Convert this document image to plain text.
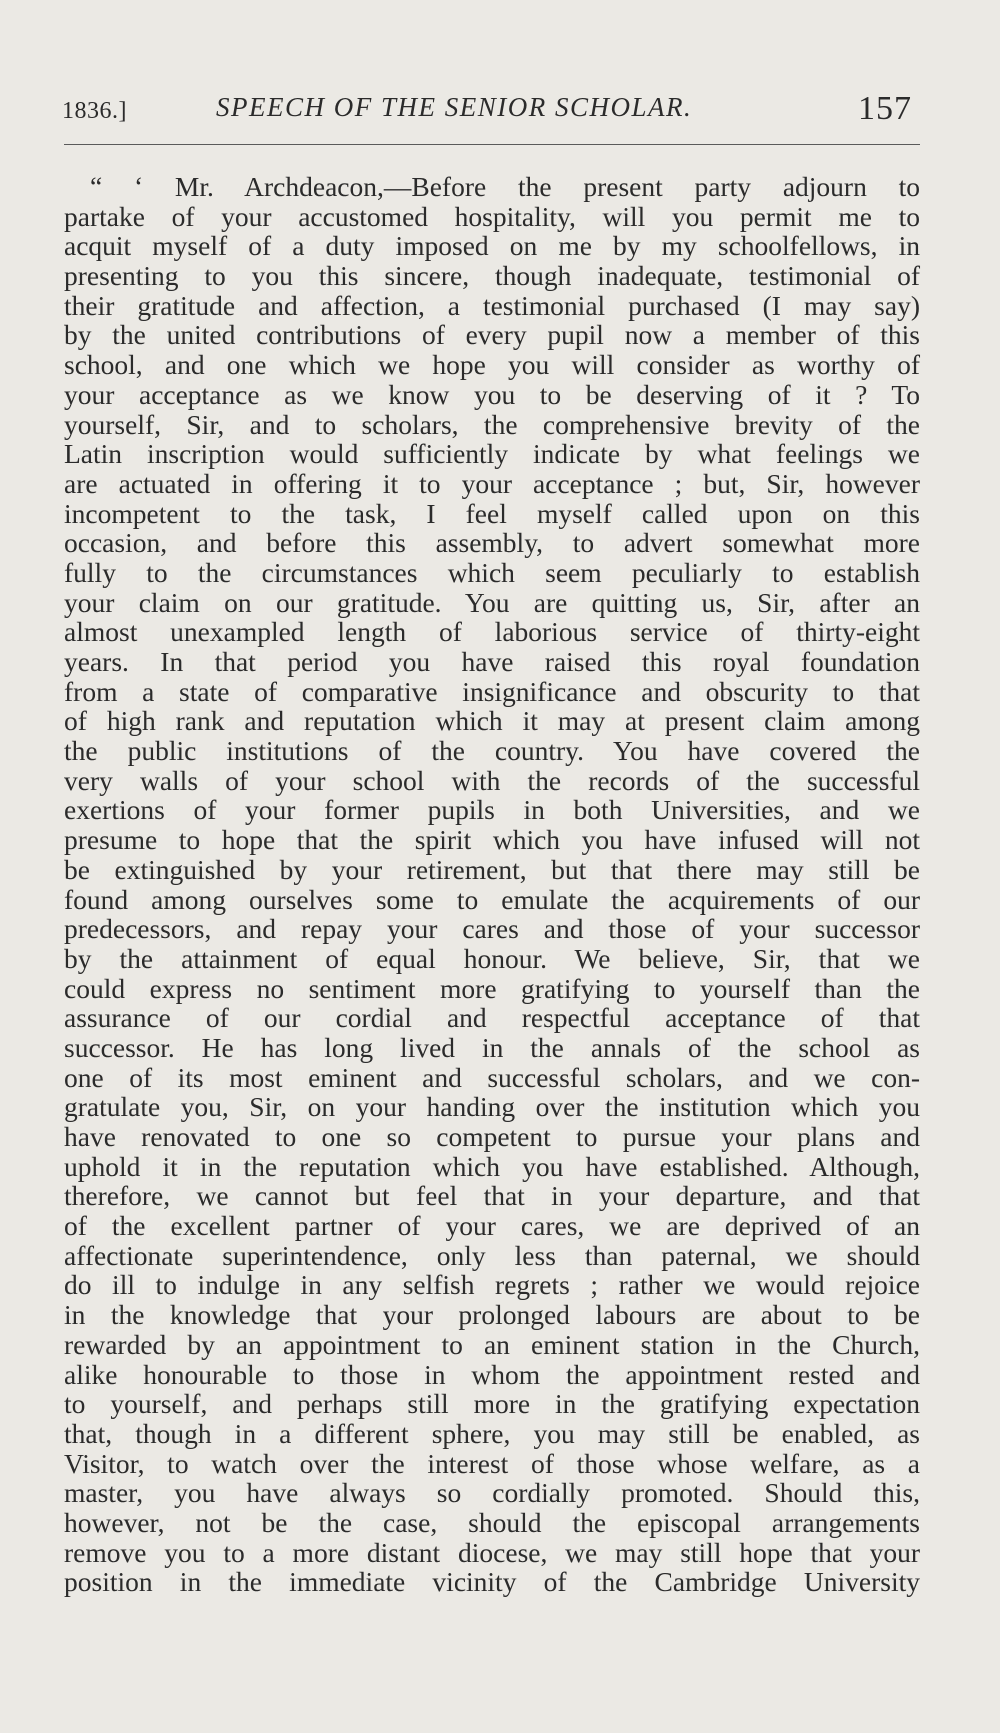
1836.]	SPEECH OF THE SENIOR SCHOLAR.	157
“ ‘ Mr. Archdeacon,—Before the present party adjourn to
partake of your accustomed hospitality, will you permit me to
acquit myself of a duty imposed on me by my schoolfellows, in
presenting to you this sincere, though inadequate, testimonial of
their gratitude and affection, a testimonial purchased (I may say)
by the united contributions of every pupil now a member of this
school, and one which we hope you will consider as worthy of
your acceptance as we know you to be deserving of it ? To
yourself, Sir, and to scholars, the comprehensive brevity of the
Latin inscription would sufficiently indicate by what feelings we
are actuated in offering it to your acceptance ; but, Sir, however
incompetent to the task, I feel myself called upon on this
occasion, and before this assembly, to advert somewhat more
fully to the circumstances which seem peculiarly to establish
your claim on our gratitude. You are quitting us, Sir, after an
almost unexampled length of laborious service of thirty-eight
years. In that period you have raised this royal foundation
from a state of comparative insignificance and obscurity to that
of high rank and reputation which it may at present claim among
the public institutions of the country. You have covered the
very walls of your school with the records of the successful
exertions of your former pupils in both Universities, and we
presume to hope that the spirit which you have infused will not
be extinguished by your retirement, but that there may still be
found among ourselves some to emulate the acquirements of our
predecessors, and repay your cares and those of your successor
by the attainment of equal honour. We believe, Sir, that we
could express no sentiment more gratifying to yourself than the
assurance of our cordial and respectful acceptance of that
successor. He has long lived in the annals of the school as
one of its most eminent and successful scholars, and we con-
gratulate you, Sir, on your handing over the institution which you
have renovated to one so competent to pursue your plans and
uphold it in the reputation which you have established. Although,
therefore, we cannot but feel that in your departure, and that
of the excellent partner of your cares, we are deprived of an
affectionate superintendence, only less than paternal, we should
do ill to indulge in any selfish regrets ; rather we would rejoice
in the knowledge that your prolonged labours are about to be
rewarded by an appointment to an eminent station in the Church,
alike honourable to those in whom the appointment rested and
to yourself, and perhaps still more in the gratifying expectation
that, though in a different sphere, you may still be enabled, as
Visitor, to watch over the interest of those whose welfare, as a
master, you have always so cordially promoted. Should this,
however, not be the case, should the episcopal arrangements
remove you to a more distant diocese, we may still hope that your
position in the immediate vicinity of the Cambridge University
